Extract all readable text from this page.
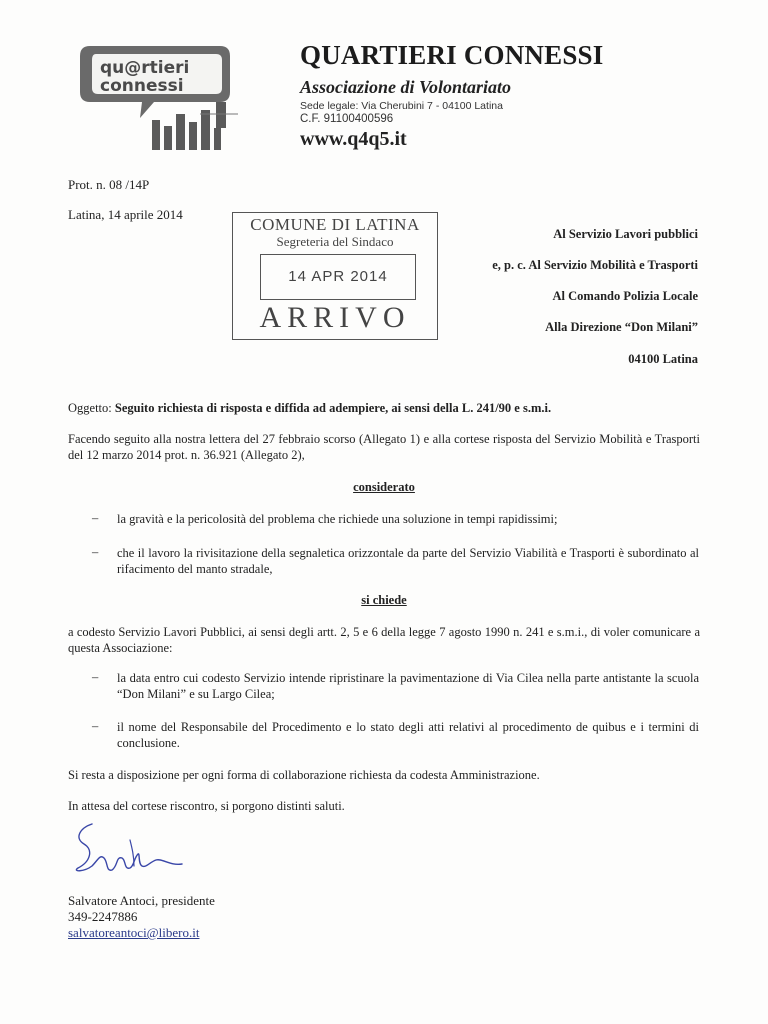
qu@rtieri
connessi
QUARTIERI CONNESSI
Associazione di Volontariato
Sede legale: Via Cherubini 7 - 04100 Latina
C.F. 91100400596
www.q4q5.it
Prot. n. 08 /14P
Latina, 14 aprile 2014
COMUNE DI LATINA
Segreteria del Sindaco
14 APR 2014
ARRIVO
Al Servizio Lavori pubblici
e, p. c. Al Servizio Mobilità e Trasporti
Al Comando Polizia Locale
Alla Direzione “Don Milani”
04100 Latina
Oggetto: Seguito richiesta di risposta e diffida ad adempiere, ai sensi della L. 241/90 e s.m.i.
Facendo seguito alla nostra lettera del 27 febbraio scorso (Allegato 1) e alla cortese risposta del Servizio Mobilità e Trasporti del 12 marzo 2014 prot. n. 36.921 (Allegato 2),
considerato
– la gravità e la pericolosità del problema che richiede una soluzione in tempi rapidissimi;
– che il lavoro la rivisitazione della segnaletica orizzontale da parte del Servizio Viabilità e Trasporti è subordinato al rifacimento del manto stradale,
si chiede
a codesto Servizio Lavori Pubblici, ai sensi degli artt. 2, 5 e 6 della legge 7 agosto 1990 n. 241 e s.m.i., di voler comunicare a questa Associazione:
– la data entro cui codesto Servizio intende ripristinare la pavimentazione di Via Cilea nella parte antistante la scuola “Don Milani” e su Largo Cilea;
– il nome del Responsabile del Procedimento e lo stato degli atti relativi al procedimento de quibus e i termini di conclusione.
Si resta a disposizione per ogni forma di collaborazione richiesta da codesta Amministrazione.
In attesa del cortese riscontro, si porgono distinti saluti.
Salvatore Antoci, presidente
349-2247886
salvatoreantoci@libero.it
